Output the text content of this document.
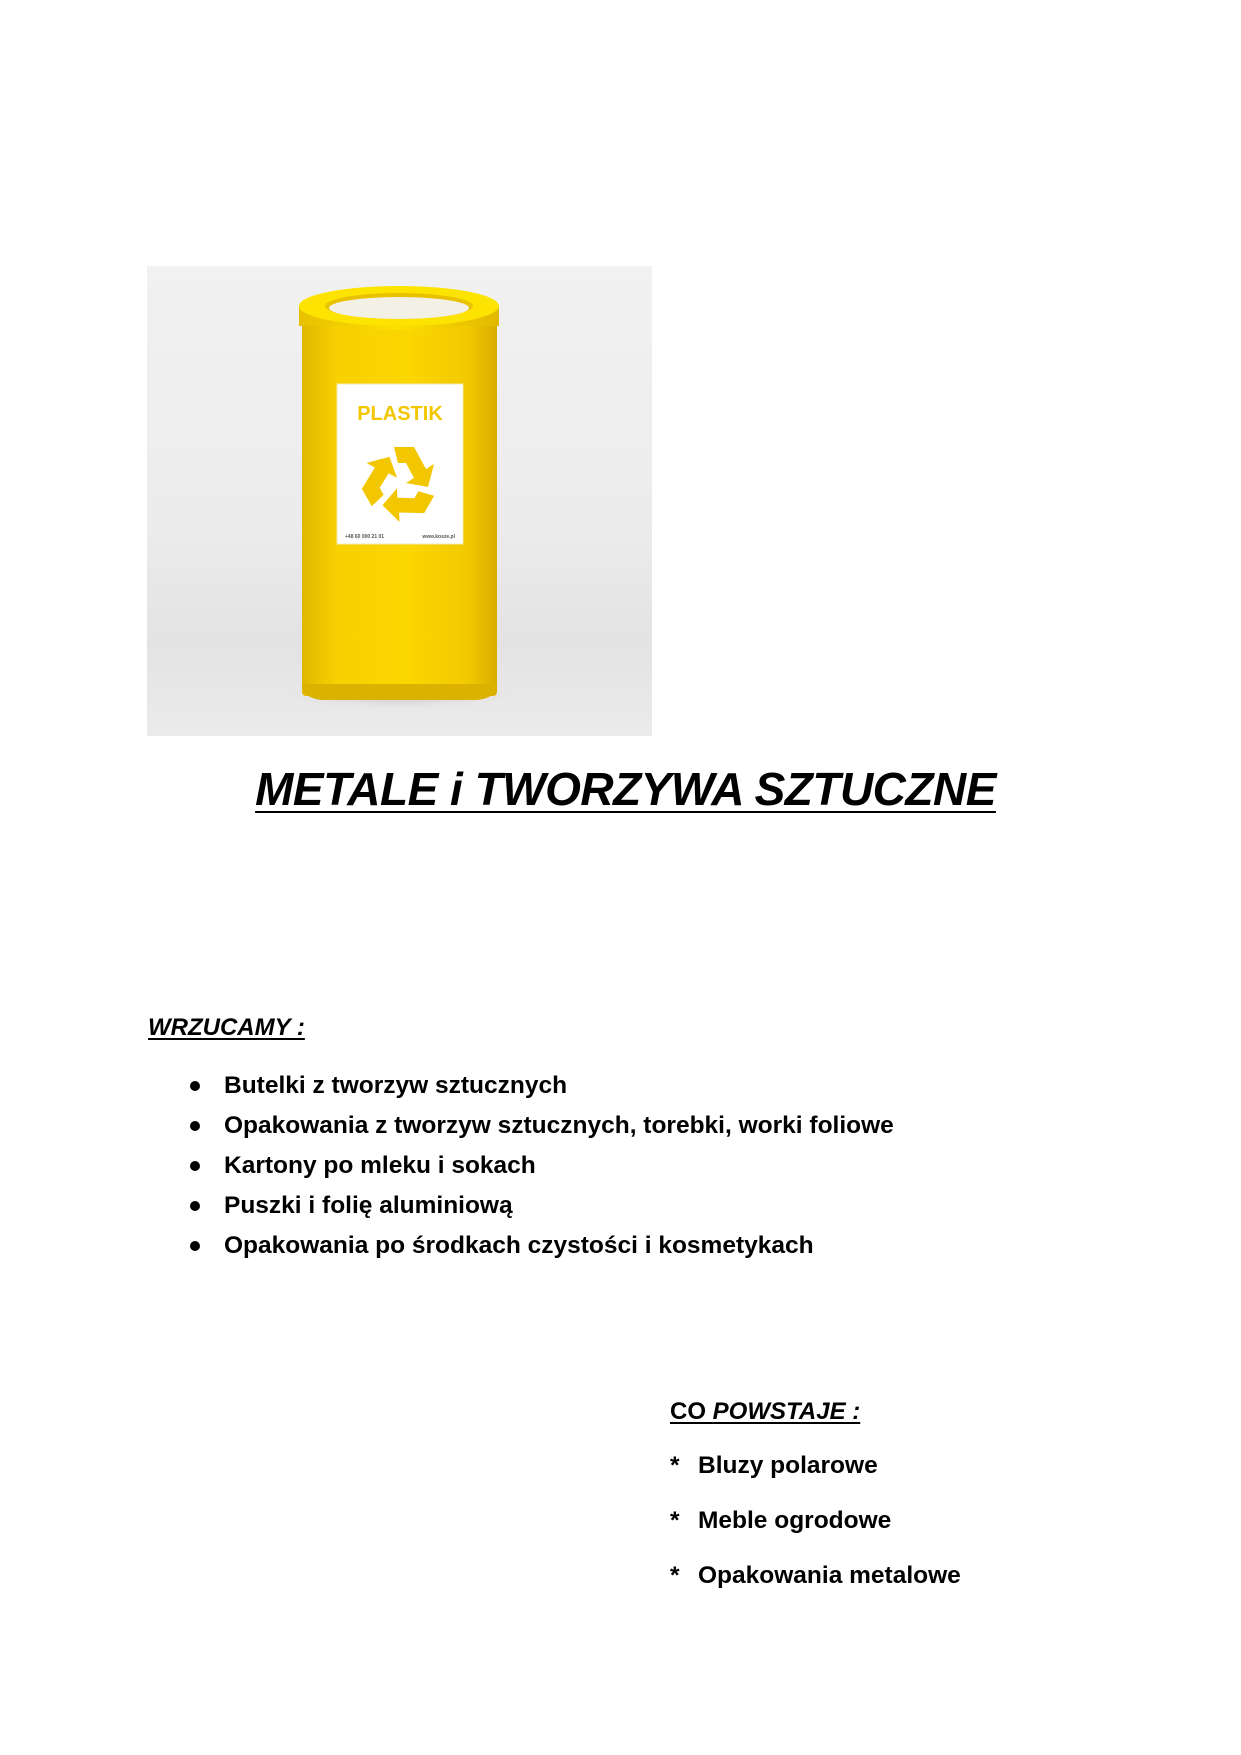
PLASTIK
+48 60 000 21 01	www.kosze.pl
METALE i TWORZYWA SZTUCZNE
WRZUCAMY :
Butelki z tworzyw sztucznych
Opakowania z tworzyw sztucznych, torebki, worki foliowe
Kartony po mleku i sokach
Puszki i folię aluminiową
Opakowania po środkach czystości i kosmetykach
CO POWSTAJE :
* Bluzy polarowe
* Meble ogrodowe
* Opakowania metalowe
